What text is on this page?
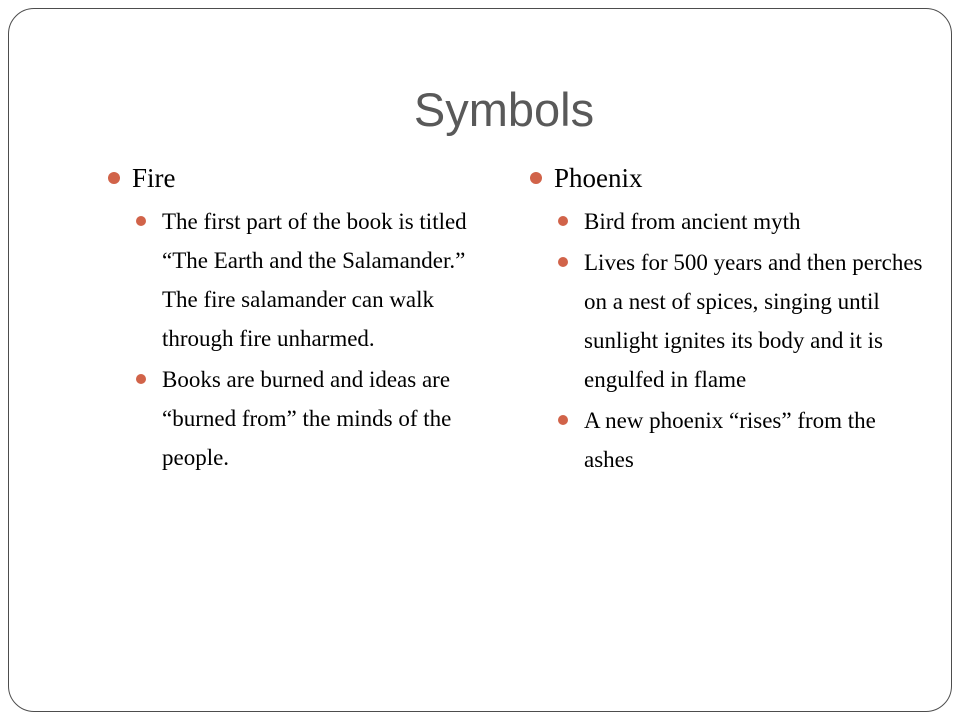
Symbols
Fire
The first part of the book is titled “The Earth and the Salamander.” The fire salamander can walk through fire unharmed.
Books are burned and ideas are “burned from” the minds of the people.
Phoenix
Bird from ancient myth
Lives for 500 years and then perches on a nest of spices, singing until sunlight ignites its body and it is engulfed in flame
A new phoenix “rises” from the ashes
